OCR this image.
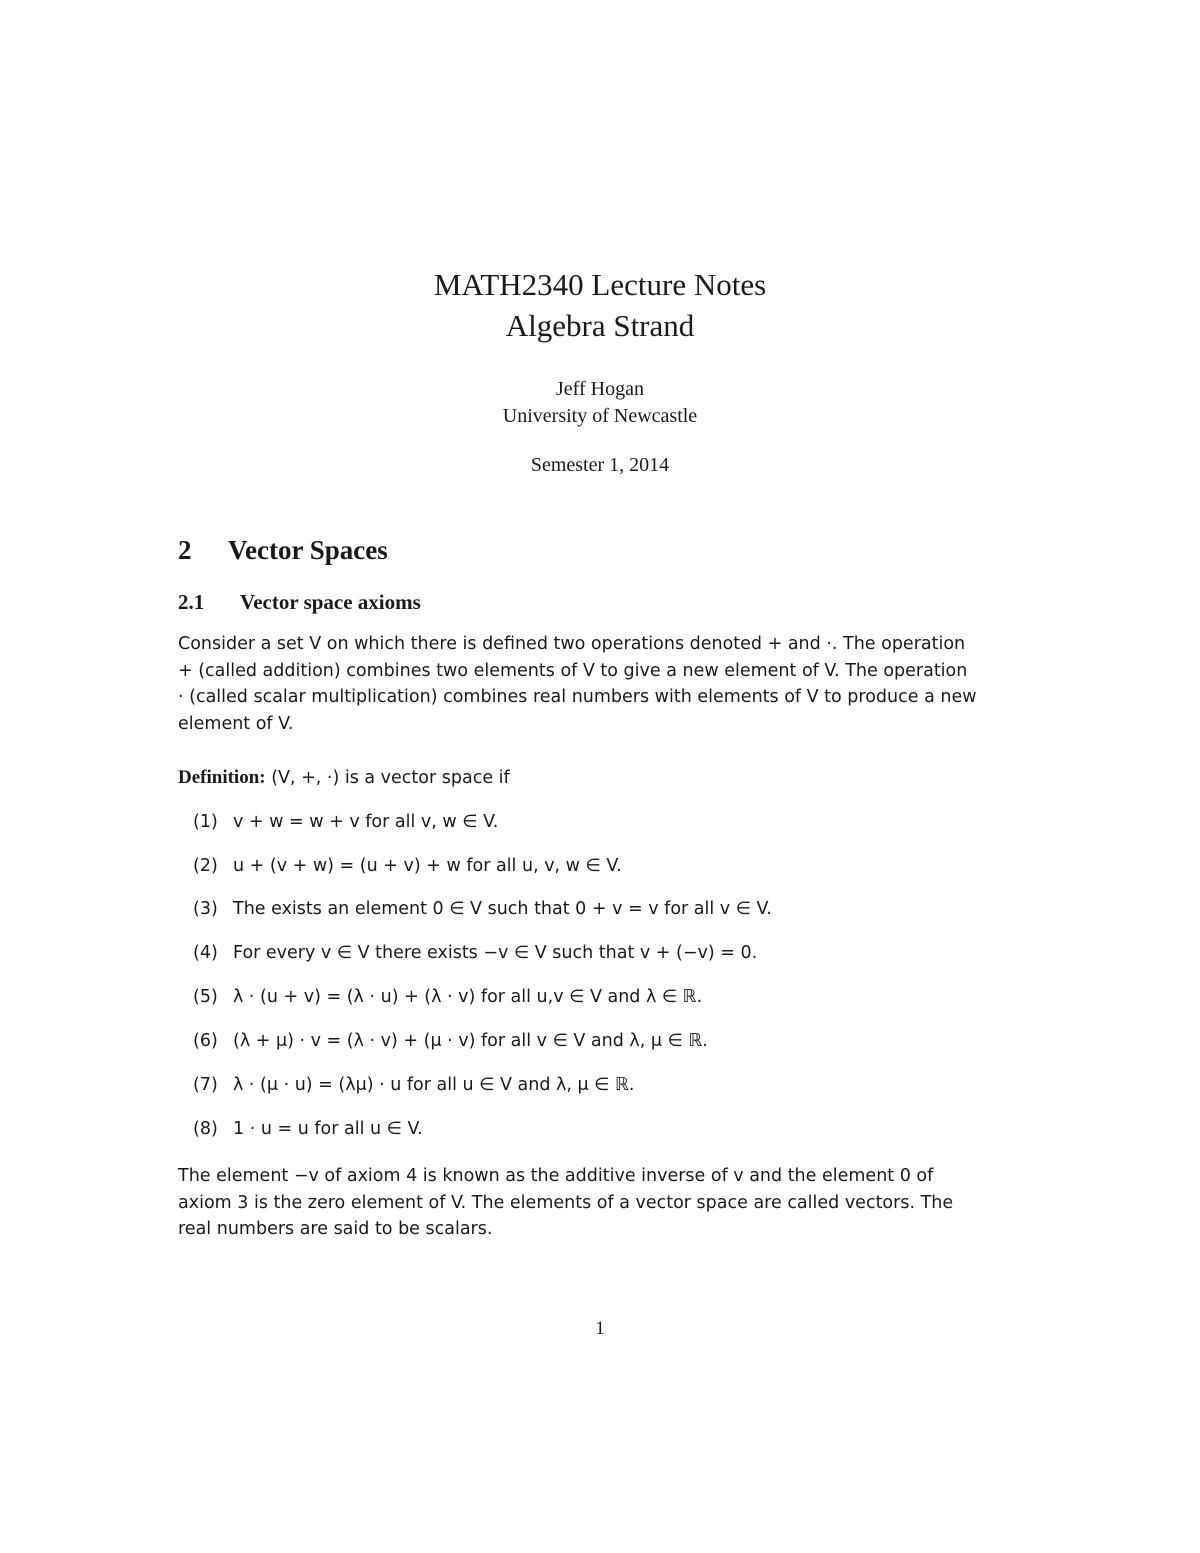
MATH2340 Lecture Notes
Algebra Strand
Jeff Hogan
University of Newcastle
Semester 1, 2014
2 Vector Spaces
2.1 Vector space axioms
Consider a set V on which there is defined two operations denoted + and ·. The operation
+ (called addition) combines two elements of V to give a new element of V. The operation
· (called scalar multiplication) combines real numbers with elements of V to produce a new
element of V.
Definition: (V, +, ·) is a vector space if
(1) v + w = w + v for all v, w ∈ V.
(2) u + (v + w) = (u + v) + w for all u, v, w ∈ V.
(3) The exists an element 0 ∈ V such that 0 + v = v for all v ∈ V.
(4) For every v ∈ V there exists −v ∈ V such that v + (−v) = 0.
(5) λ · (u + v) = (λ · u) + (λ · v) for all u,v ∈ V and λ ∈ ℝ.
(6) (λ + μ) · v = (λ · v) + (μ · v) for all v ∈ V and λ, μ ∈ ℝ.
(7) λ · (μ · u) = (λμ) · u for all u ∈ V and λ, μ ∈ ℝ.
(8) 1 · u = u for all u ∈ V.
The element −v of axiom 4 is known as the additive inverse of v and the element 0 of
axiom 3 is the zero element of V. The elements of a vector space are called vectors. The
real numbers are said to be scalars.
1
